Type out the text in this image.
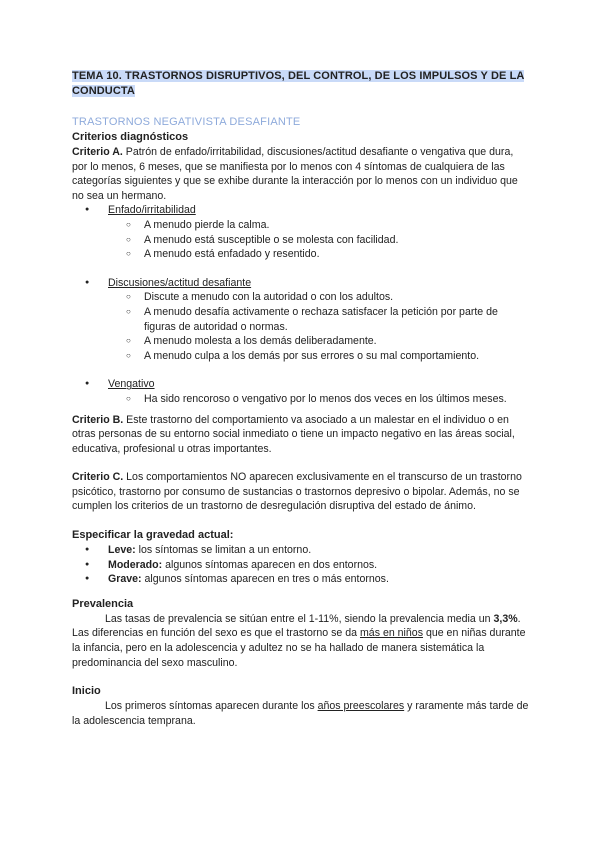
TEMA 10. TRASTORNOS DISRUPTIVOS, DEL CONTROL, DE LOS IMPULSOS Y DE LA CONDUCTA
TRASTORNOS NEGATIVISTA DESAFIANTE

Criterios diagnósticos

Criterio A. Patrón de enfado/irritabilidad, discusiones/actitud desafiante o vengativa que dura, por lo menos, 6 meses, que se manifiesta por lo menos con 4 síntomas de cualquiera de las categorías siguientes y que se exhibe durante la interacción por lo menos con un individuo que no sea un hermano.

● Enfado/irritabilidad
○ A menudo pierde la calma.
○ A menudo está susceptible o se molesta con facilidad.
○ A menudo está enfadado y resentido.
● Discusiones/actitud desafiante
○ Discute a menudo con la autoridad o con los adultos.
○ A menudo desafía activamente o rechaza satisfacer la petición por parte de figuras de autoridad o normas.
○ A menudo molesta a los demás deliberadamente.
○ A menudo culpa a los demás por sus errores o su mal comportamiento.
● Vengativo
○ Ha sido rencoroso o vengativo por lo menos dos veces en los últimos meses.

Criterio B. Este trastorno del comportamiento va asociado a un malestar en el individuo o en otras personas de su entorno social inmediato o tiene un impacto negativo en las áreas social, educativa, profesional u otras importantes.

Criterio C. Los comportamientos NO aparecen exclusivamente en el transcurso de un trastorno psicótico, trastorno por consumo de sustancias o trastornos depresivo o bipolar. Además, no se cumplen los criterios de un trastorno de desregulación disruptiva del estado de ánimo.

Especificar la gravedad actual:

● Leve: los síntomas se limitan a un entorno.
● Moderado: algunos síntomas aparecen en dos entornos.
● Grave: algunos síntomas aparecen en tres o más entornos.

Prevalencia

Las tasas de prevalencia se sitúan entre el 1-11%, siendo la prevalencia media un 3,3%. Las diferencias en función del sexo es que el trastorno se da más en niños que en niñas durante la infancia, pero en la adolescencia y adultez no se ha hallado de manera sistemática la predominancia del sexo masculino.

Inicio

Los primeros síntomas aparecen durante los años preescolares y raramente más tarde de la adolescencia temprana.
